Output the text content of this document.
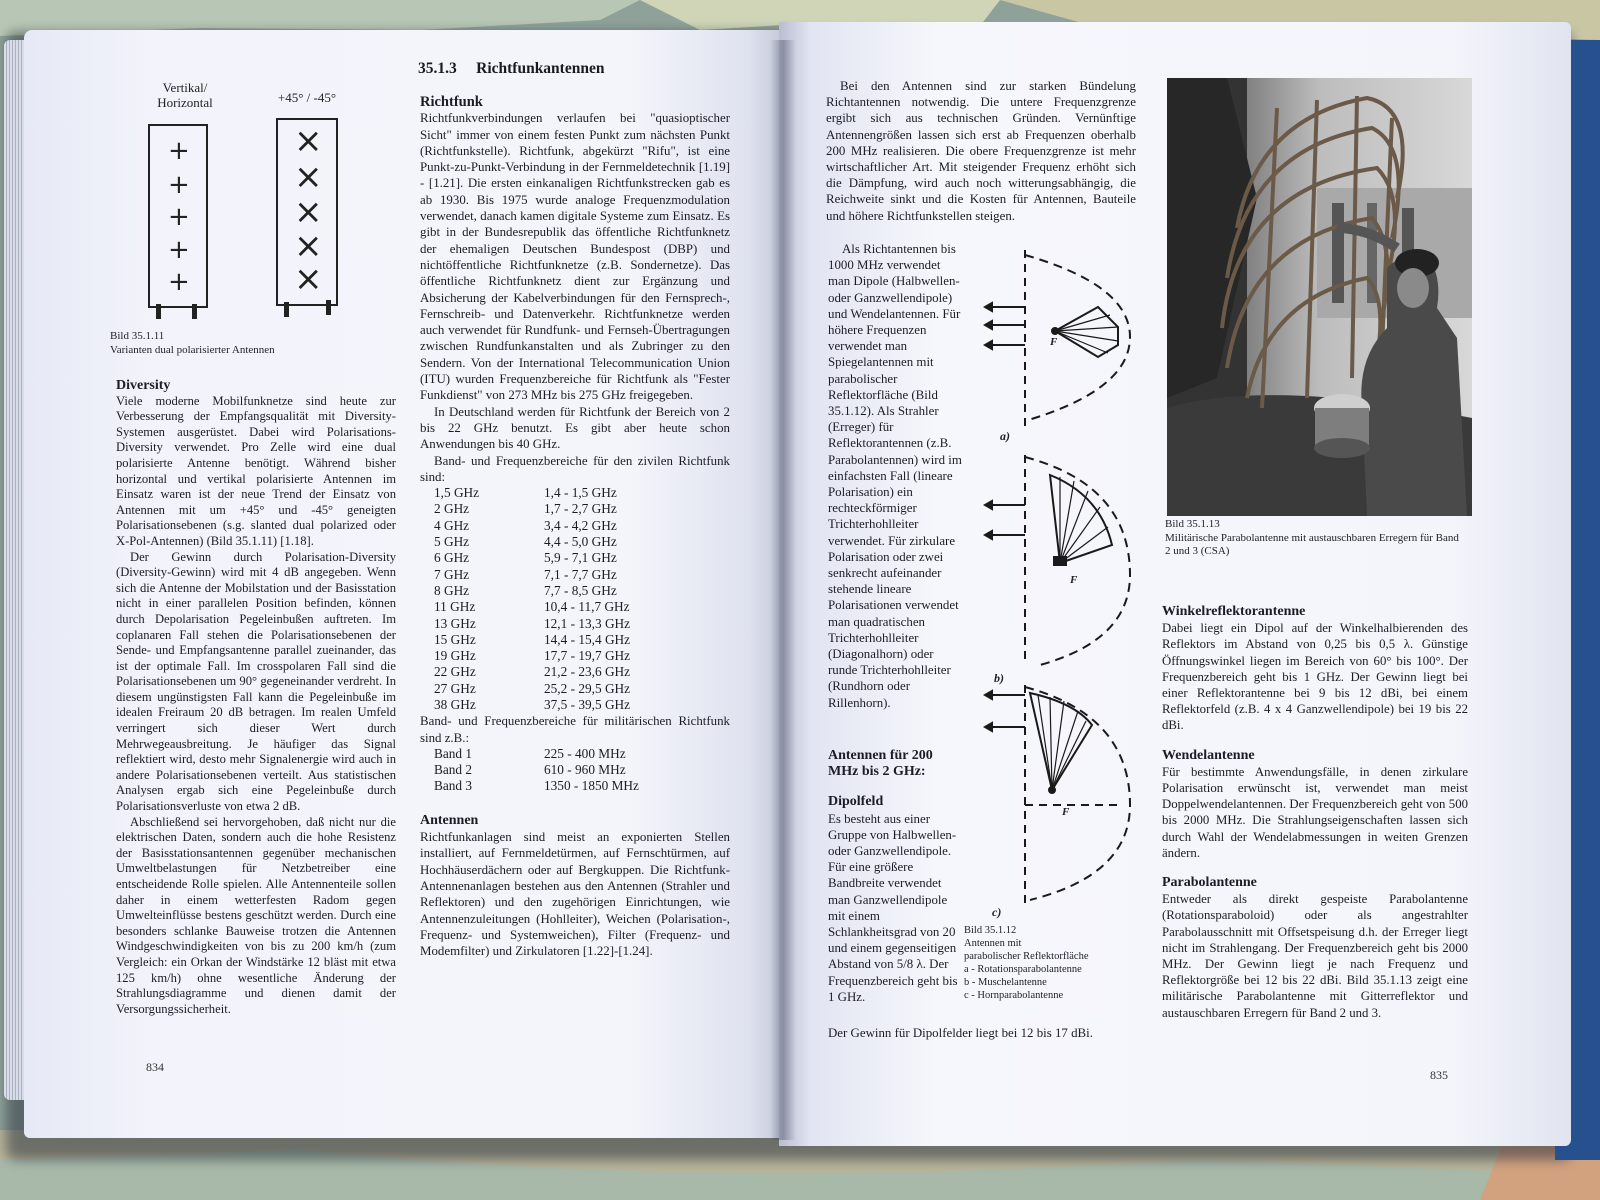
Vertikal/
Horizontal	+45° / -45°
+
+
+
+
+
×
×
×
×
×
Bild 35.1.11
Varianten dual polarisierter Antennen
Diversity

Viele moderne Mobilfunknetze sind heute zur Verbesserung der Empfangsqualität mit Diversity-Systemen ausgerüstet. Dabei wird Polarisations-Diversity verwendet. Pro Zelle wird eine dual polarisierte Antenne benötigt. Während bisher horizontal und vertikal polarisierte Antennen im Einsatz waren ist der neue Trend der Einsatz von Antennen mit um +45° und -45° geneigten Polarisationsebenen (s.g. slanted dual polarized oder X-Pol-Antennen) (Bild 35.1.11) [1.18].

Der Gewinn durch Polarisation-Diversity (Diversity-Gewinn) wird mit 4 dB angegeben. Wenn sich die Antenne der Mobilstation und der Basisstation nicht in einer parallelen Position befinden, können durch Depolarisation Pegeleinbußen auftreten. Im coplanaren Fall stehen die Polarisationsebenen der Sende- und Empfangsantenne parallel zueinander, das ist der optimale Fall. Im crosspolaren Fall sind die Polarisationsebenen um 90° gegeneinander verdreht. In diesem ungünstigsten Fall kann die Pegeleinbuße im idealen Freiraum 20 dB betragen. Im realen Umfeld verringert sich dieser Wert durch Mehrwegeausbreitung. Je häufiger das Signal reflektiert wird, desto mehr Signalenergie wird auch in andere Polarisationsebenen verteilt. Aus statistischen Analysen ergab sich eine Pegeleinbuße durch Polarisationsverluste von etwa 2 dB.

Abschließend sei hervorgehoben, daß nicht nur die elektrischen Daten, sondern auch die hohe Resistenz der Basisstationsantennen gegenüber mechanischen Umweltbelastungen für Netzbetreiber eine entscheidende Rolle spielen. Alle Antennenteile sollen daher in einem wetterfesten Radom gegen Umwelteinflüsse bestens geschützt werden. Durch eine besonders schlanke Bauweise trotzen die Antennen Windgeschwindigkeiten von bis zu 200 km/h (zum Vergleich: ein Orkan der Windstärke 12 bläst mit etwa 125 km/h) ohne wesentliche Änderung der Strahlungsdiagramme und dienen damit der Versorgungssicherheit.

35.1.3     Richtfunkantennen
Richtfunk

Richtfunkverbindungen verlaufen bei "quasioptischer Sicht" immer von einem festen Punkt zum nächsten Punkt (Richtfunkstelle). Richtfunk, abgekürzt "Rifu", ist eine Punkt-zu-Punkt-Verbindung in der Fernmeldetechnik [1.19] - [1.21]. Die ersten einkanaligen Richtfunkstrecken gab es ab 1930. Bis 1975 wurde analoge Frequenzmodulation verwendet, danach kamen digitale Systeme zum Einsatz. Es gibt in der Bundesrepublik das öffentliche Richtfunknetz der ehemaligen Deutschen Bundespost (DBP) und nichtöffentliche Richtfunknetze (z.B. Sondernetze). Das öffentliche Richtfunknetz dient zur Ergänzung und Absicherung der Kabelverbindungen für den Fernsprech-, Fernschreib- und Datenverkehr. Richtfunknetze werden auch verwendet für Rundfunk- und Fernseh-Übertragungen zwischen Rundfunkanstalten und als Zubringer zu den Sendern. Von der International Telecommunication Union (ITU) wurden Frequenzbereiche für Richtfunk als "Fester Funkdienst" von 273 MHz bis 275 GHz freigegeben.

In Deutschland werden für Richtfunk der Bereich von 2 bis 22 GHz benutzt. Es gibt aber heute schon Anwendungen bis 40 GHz.

Band- und Frequenzbereiche für den zivilen Richtfunk sind:

1,5 GHz	1,4 - 1,5 GHz
2 GHz	1,7 - 2,7 GHz
4 GHz	3,4 - 4,2 GHz
5 GHz	4,4 - 5,0 GHz
6 GHz	5,9 - 7,1 GHz
7 GHz	7,1 - 7,7 GHz
8 GHz	7,7 - 8,5 GHz
11 GHz	10,4 - 11,7 GHz
13 GHz	12,1 - 13,3 GHz
15 GHz	14,4 - 15,4 GHz
19 GHz	17,7 - 19,7 GHz
22 GHz	21,2 - 23,6 GHz
27 GHz	25,2 - 29,5 GHz
38 GHz	37,5 - 39,5 GHz

Band- und Frequenzbereiche für militärischen Richtfunk sind z.B.:

Band 1	225 - 400 MHz
Band 2	610 - 960 MHz
Band 3	1350 - 1850 MHz
Antennen

Richtfunkanlagen sind meist an exponierten Stellen installiert, auf Fernmeldetürmen, auf Fernschtürmen, auf Hochhäuserdächern oder auf Bergkuppen. Die Richtfunk-Antennenanlagen bestehen aus den Antennen (Strahler und Reflektoren) und den zugehörigen Einrichtungen, wie Antennenzuleitungen (Hohlleiter), Weichen (Polarisation-, Frequenz- und Systemweichen), Filter (Frequenz- und Modemfilter) und Zirkulatoren [1.22]-[1.24].

834

Bei den Antennen sind zur starken Bündelung Richtantennen notwendig. Die untere Frequenzgrenze ergibt sich aus technischen Gründen. Vernünftige Antennengrößen lassen sich erst ab Frequenzen oberhalb 200 MHz realisieren. Die obere Frequenzgrenze ist mehr wirtschaftlicher Art. Mit steigender Frequenz erhöht sich die Dämpfung, wird auch noch witterungsabhängig, die Reichweite sinkt und die Kosten für Antennen, Bauteile und höhere Richtfunkstellen steigen.

Als Richtantennen bis 1000 MHz verwendet man Dipole (Halbwellen- oder Ganzwellendipole) und Wendelantennen. Für höhere Frequenzen verwendet man Spiegelantennen mit parabolischer Reflektorfläche (Bild 35.1.12). Als Strahler (Erreger) für Reflektorantennen (z.B. Parabolantennen) wird im einfachsten Fall (lineare Polarisation) ein rechteckförmiger Trichterhohlleiter verwendet. Für zirkulare Polarisation oder zwei senkrecht aufeinander stehende lineare Polarisationen verwendet man quadratischen Trichterhohlleiter (Diagonalhorn) oder runde Trichterhohlleiter (Rundhorn oder Rillenhorn).

Antennen für 200 MHz bis 2 GHz:
Dipolfeld

Es besteht aus einer Gruppe von Halbwellen- oder Ganzwellendipole. Für eine größere Bandbreite verwendet man Ganzwellendipole mit einem Schlankheitsgrad von 20 und einem gegenseitigen Abstand von 5/8 λ. Der Frequenzbereich geht bis 1 GHz.

Der Gewinn für Dipolfelder liegt bei 12 bis 17 dBi.

a)
b)
c)
F
F
F
Bild 35.1.12
Antennen mit
parabolischer Reflektorfläche
a - Rotationsparabolantenne
b - Muschelantenne
c - Hornparabolantenne
Bild 35.1.13
Militärische Parabolantenne mit austauschbaren Erregern für Band 2 und 3 (CSA)
Winkelreflektorantenne

Dabei liegt ein Dipol auf der Winkelhalbierenden des Reflektors im Abstand von 0,25 bis 0,5 λ. Günstige Öffnungswinkel liegen im Bereich von 60° bis 100°. Der Frequenzbereich geht bis 1 GHz. Der Gewinn liegt bei einer Reflektorantenne bei 9 bis 12 dBi, bei einem Reflektorfeld (z.B. 4 x 4 Ganzwellendipole) bei 19 bis 22 dBi.

Wendelantenne

Für bestimmte Anwendungsfälle, in denen zirkulare Polarisation erwünscht ist, verwendet man meist Doppelwendelantennen. Der Frequenzbereich geht von 500 bis 2000 MHz. Die Strahlungseigenschaften lassen sich durch Wahl der Wendelabmessungen in weiten Grenzen ändern.

Parabolantenne

Entweder als direkt gespeiste Parabolantenne (Rotationsparaboloid) oder als angestrahlter Parabolausschnitt mit Offsetspeisung d.h. der Erreger liegt nicht im Strahlengang. Der Frequenzbereich geht bis 2000 MHz. Der Gewinn liegt je nach Frequenz und Reflektorgröße bei 12 bis 22 dBi. Bild 35.1.13 zeigt eine militärische Parabolantenne mit Gitterreflektor und austauschbaren Erregern für Band 2 und 3.

835
